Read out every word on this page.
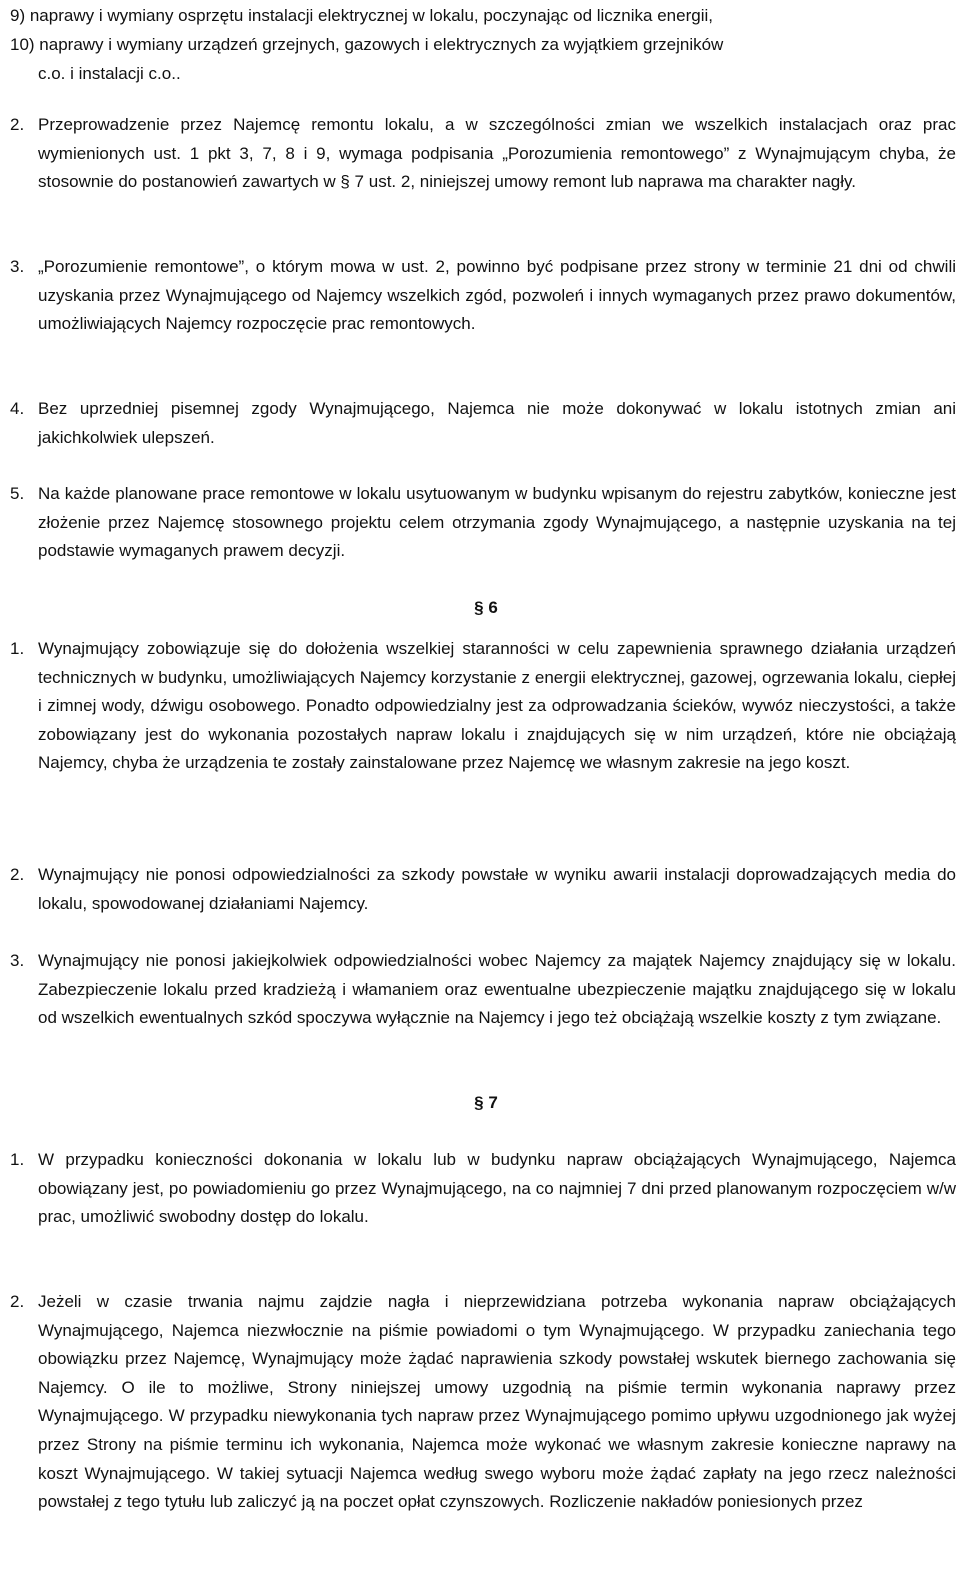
9) naprawy i wymiany osprzętu instalacji elektrycznej w lokalu, poczynając od licznika energii,
10) naprawy i wymiany urządzeń grzejnych, gazowych i elektrycznych za wyjątkiem grzejników
c.o. i instalacji c.o..
2. Przeprowadzenie przez Najemcę remontu lokalu, a w szczególności zmian we wszelkich instalacjach oraz prac wymienionych ust. 1 pkt 3, 7, 8 i 9, wymaga podpisania „Porozumienia remontowego” z Wynajmującym chyba, że stosownie do postanowień zawartych w § 7 ust. 2, niniejszej umowy remont lub naprawa ma charakter nagły.
3. „Porozumienie remontowe”, o którym mowa w ust. 2, powinno być podpisane przez strony w terminie 21 dni od chwili uzyskania przez Wynajmującego od Najemcy wszelkich zgód, pozwoleń i innych wymaganych przez prawo dokumentów, umożliwiających Najemcy rozpoczęcie prac remontowych.
4. Bez uprzedniej pisemnej zgody Wynajmującego, Najemca nie może dokonywać w lokalu istotnych zmian ani jakichkolwiek ulepszeń.
5. Na każde planowane prace remontowe w lokalu usytuowanym w budynku wpisanym do rejestru zabytków, konieczne jest złożenie przez Najemcę stosownego projektu celem otrzymania zgody Wynajmującego, a następnie uzyskania na tej podstawie wymaganych prawem decyzji.
§ 6
1. Wynajmujący zobowiązuje się do dołożenia wszelkiej staranności w celu zapewnienia sprawnego działania urządzeń technicznych w budynku, umożliwiających Najemcy korzystanie z energii elektrycznej, gazowej, ogrzewania lokalu, ciepłej i zimnej wody, dźwigu osobowego. Ponadto odpowiedzialny jest za odprowadzania ścieków, wywóz nieczystości, a także zobowiązany jest do wykonania pozostałych napraw lokalu i znajdujących się w nim urządzeń, które nie obciążają Najemcy, chyba że urządzenia te zostały zainstalowane przez Najemcę we własnym zakresie na jego koszt.
2. Wynajmujący nie ponosi odpowiedzialności za szkody powstałe w wyniku awarii instalacji doprowadzających media do lokalu, spowodowanej działaniami Najemcy.
3. Wynajmujący nie ponosi jakiejkolwiek odpowiedzialności wobec Najemcy za majątek Najemcy znajdujący się w lokalu. Zabezpieczenie lokalu przed kradzieżą i włamaniem oraz ewentualne ubezpieczenie majątku znajdującego się w lokalu od wszelkich ewentualnych szkód spoczywa wyłącznie na Najemcy i jego też obciążają wszelkie koszty z tym związane.
§ 7
1. W przypadku konieczności dokonania w lokalu lub w budynku napraw obciążających Wynajmującego, Najemca obowiązany jest, po powiadomieniu go przez Wynajmującego, na co najmniej 7 dni przed planowanym rozpoczęciem w/w prac, umożliwić swobodny dostęp do lokalu.
2. Jeżeli w czasie trwania najmu zajdzie nagła i nieprzewidziana potrzeba wykonania napraw obciążających Wynajmującego, Najemca niezwłocznie na piśmie powiadomi o tym Wynajmującego. W przypadku zaniechania tego obowiązku przez Najemcę, Wynajmujący może żądać naprawienia szkody powstałej wskutek biernego zachowania się Najemcy. O ile to możliwe, Strony niniejszej umowy uzgodnią na piśmie termin wykonania naprawy przez Wynajmującego. W przypadku niewykonania tych napraw przez Wynajmującego pomimo upływu uzgodnionego jak wyżej przez Strony na piśmie terminu ich wykonania, Najemca może wykonać we własnym zakresie konieczne naprawy na koszt Wynajmującego. W takiej sytuacji Najemca według swego wyboru może żądać zapłaty na jego rzecz należności powstałej z tego tytułu lub zaliczyć ją na poczet opłat czynszowych. Rozliczenie nakładów poniesionych przez
